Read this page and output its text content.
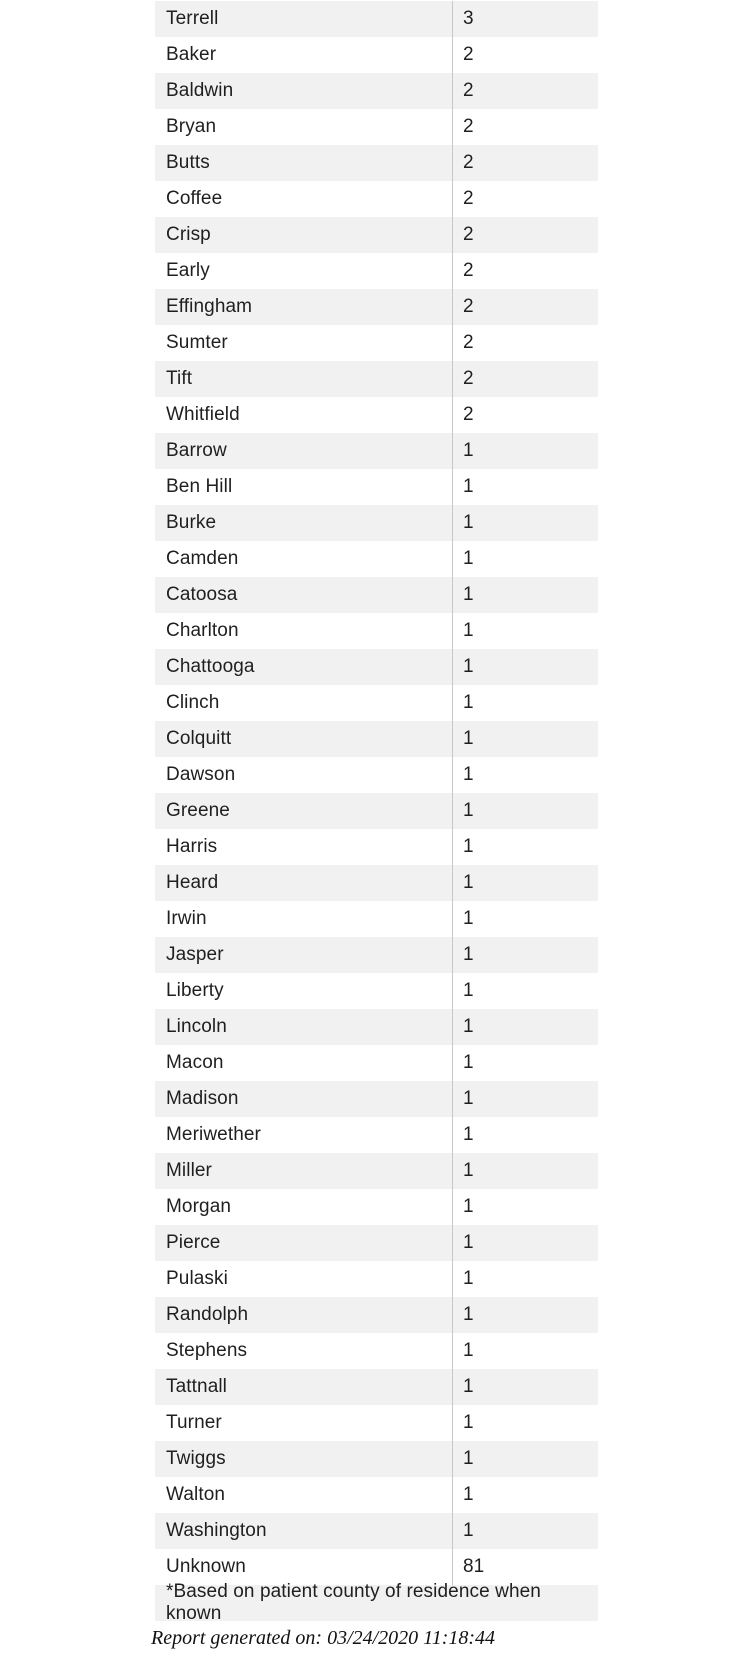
Terrell	3
Baker	2
Baldwin	2
Bryan	2
Butts	2
Coffee	2
Crisp	2
Early	2
Effingham	2
Sumter	2
Tift	2
Whitfield	2
Barrow	1
Ben Hill	1
Burke	1
Camden	1
Catoosa	1
Charlton	1
Chattooga	1
Clinch	1
Colquitt	1
Dawson	1
Greene	1
Harris	1
Heard	1
Irwin	1
Jasper	1
Liberty	1
Lincoln	1
Macon	1
Madison	1
Meriwether	1
Miller	1
Morgan	1
Pierce	1
Pulaski	1
Randolph	1
Stephens	1
Tattnall	1
Turner	1
Twiggs	1
Walton	1
Washington	1
Unknown	81
*Based on patient county of residence when known
Report generated on: 03/24/2020 11:18:44
